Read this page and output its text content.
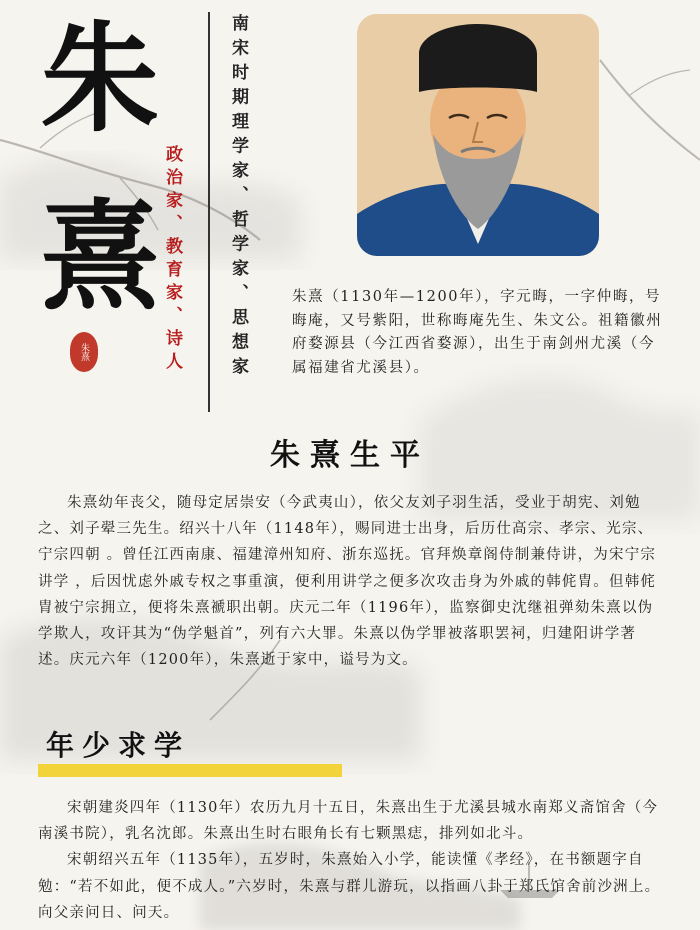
朱
熹
朱熹	政治家、教育家、诗人	南宋时期理学家、哲学家、思想家	朱熹（1130年—1200年），字元晦，一字仲晦，号晦庵，又号紫阳，世称晦庵先生、朱文公。祖籍徽州府婺源县（今江西省婺源），出生于南剑州尤溪（今属福建省尤溪县）。
朱熹生平

朱熹幼年丧父，随母定居崇安（今武夷山），依父友刘子羽生活，受业于胡宪、刘勉之、刘子翚三先生。绍兴十八年（1148年），赐同进士出身，后历仕高宗、孝宗、光宗、宁宗四朝 。曾任江西南康、福建漳州知府、浙东巡抚。官拜焕章阁侍制兼侍讲，为宋宁宗讲学 ，后因忧虑外戚专权之事重演，便利用讲学之便多次攻击身为外戚的韩侂胄。但韩侂胄被宁宗拥立，便将朱熹褫职出朝。庆元二年（1196年），监察御史沈继祖弹劾朱熹以伪学欺人，攻讦其为“伪学魁首”，列有六大罪。朱熹以伪学罪被落职罢祠，归建阳讲学著述。庆元六年（1200年），朱熹逝于家中，谥号为文。

年少求学

宋朝建炎四年（1130年）农历九月十五日，朱熹出生于尤溪县城水南郑义斋馆舍（今南溪书院），乳名沈郎。朱熹出生时右眼角长有七颗黑痣，排列如北斗。

宋朝绍兴五年（1135年），五岁时，朱熹始入小学，能读懂《孝经》，在书额题字自勉：“若不如此，便不成人。”六岁时，朱熹与群儿游玩，以指画八卦于郑氏馆舍前沙洲上。向父亲问日、问天。
